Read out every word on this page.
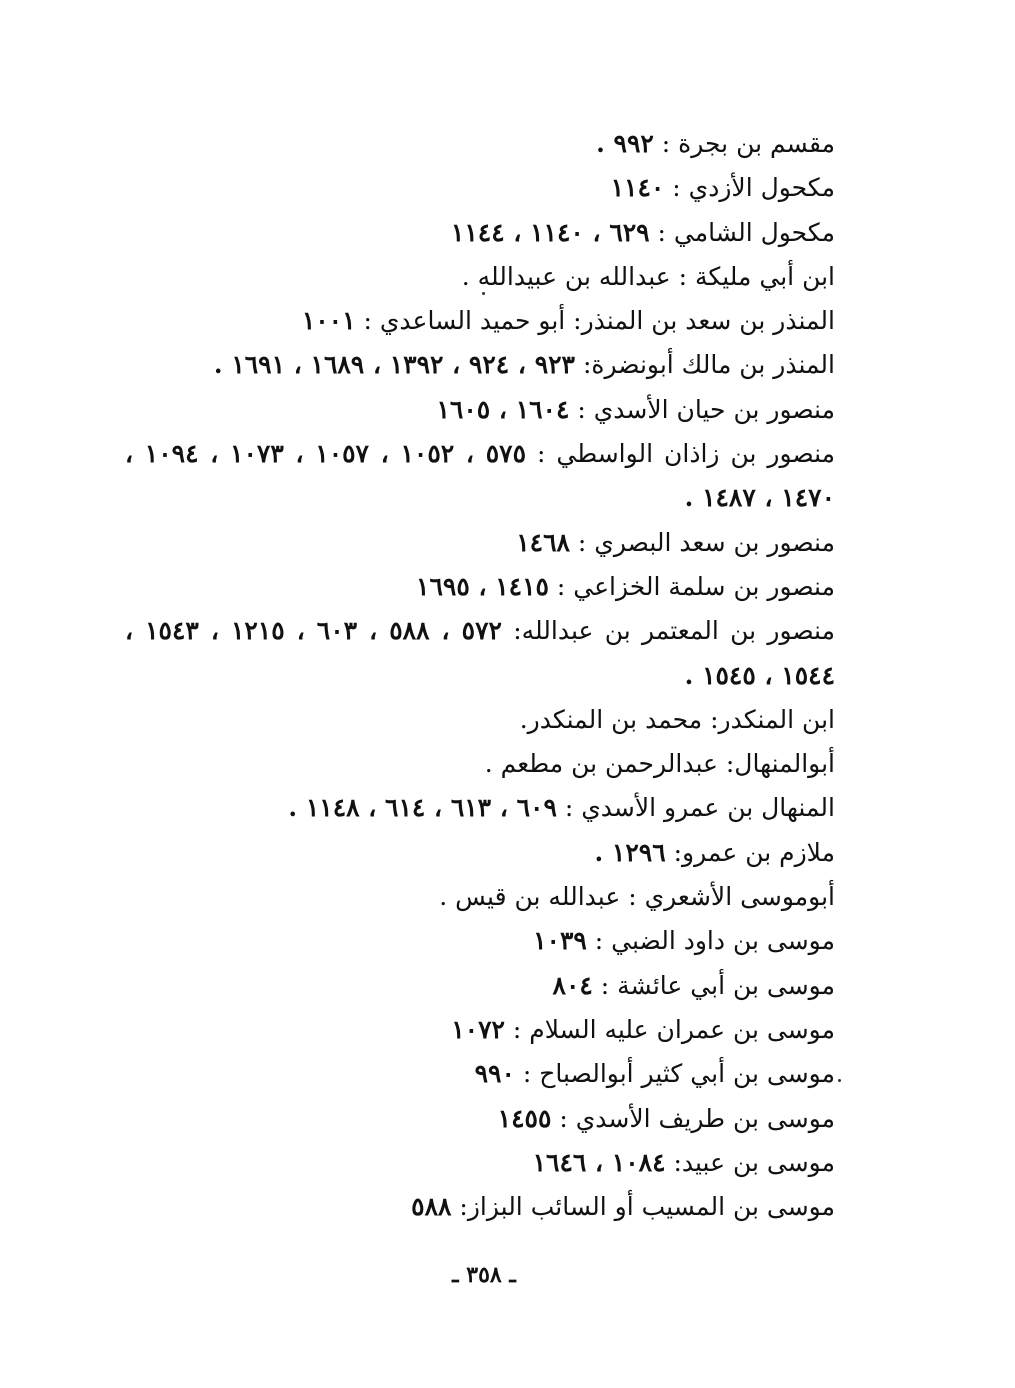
مقسم بن بجرة : ٩٩٢ .
مكحول الأزدي : ١١٤٠
مكحول الشامي : ٦٢٩ ، ١١٤٠ ، ١١٤٤
ابن أبي مليكة : عبدالله بن عبيدالله .
المنذر بن سعد بن المنذر: أبو حميد الساعدي : ١٠٠١
المنذر بن مالك أبونضرة: ٩٢٣ ، ٩٢٤ ، ١٣٩٢ ، ١٦٨٩ ، ١٦٩١ .
منصور بن حيان الأسدي : ١٦٠٤ ، ١٦٠٥
منصور بن زاذان الواسطي : ٥٧٥ ، ١٠٥٢ ، ١٠٥٧ ، ١٠٧٣ ، ١٠٩٤ ، ١٤٧٠ ، ١٤٨٧ .
منصور بن سعد البصري : ١٤٦٨
منصور بن سلمة الخزاعي : ١٤١٥ ، ١٦٩٥
منصور بن المعتمر بن عبدالله: ٥٧٢ ، ٥٨٨ ، ٦٠٣ ، ١٢١٥ ، ١٥٤٣ ، ١٥٤٤ ، ١٥٤٥ .
ابن المنكدر: محمد بن المنكدر.
أبوالمنهال: عبدالرحمن بن مطعم .
المنهال بن عمرو الأسدي : ٦٠٩ ، ٦١٣ ، ٦١٤ ، ١١٤٨ .
ملازم بن عمرو: ١٢٩٦ .
أبوموسى الأشعري : عبدالله بن قيس .
موسى بن داود الضبي : ١٠٣٩
موسى بن أبي عائشة : ٨٠٤
موسى بن عمران عليه السلام : ١٠٧٢
موسى بن أبي كثير أبوالصباح : ٩٩٠
موسى بن طريف الأسدي : ١٤٥٥
موسى بن عبيد: ١٠٨٤ ، ١٦٤٦
موسى بن المسيب أو السائب البزاز: ٥٨٨
ـ ٣٥٨ ـ
